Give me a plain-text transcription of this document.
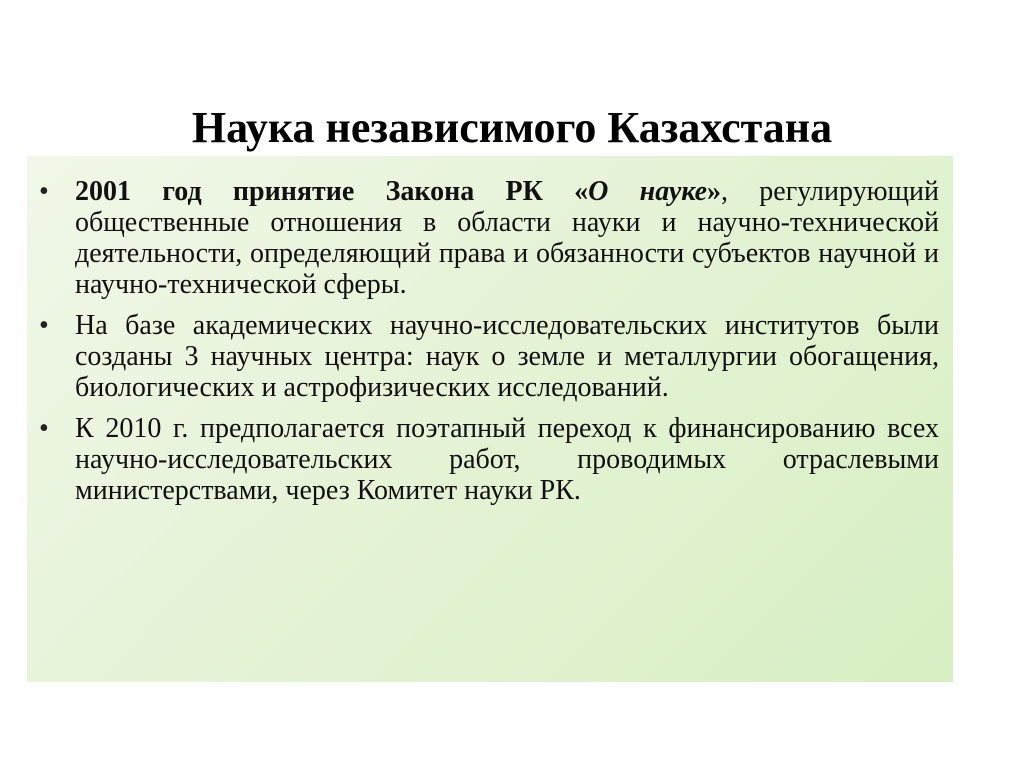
Наука независимого Казахстана
• 2001 год принятие Закона РК «О науке», регулирующий общественные отношения в области науки и научно-технической деятельности, определяющий права и обязанности субъектов научной и научно-технической сферы.
• На базе академических научно-исследовательских институтов были созданы 3 научных центра: наук о земле и металлургии обогащения, биологических и астрофизических исследований.
• К 2010 г. предполагается поэтапный переход к финансированию всех научно-исследовательских работ, проводимых отраслевыми министерствами, через Комитет науки РК.
